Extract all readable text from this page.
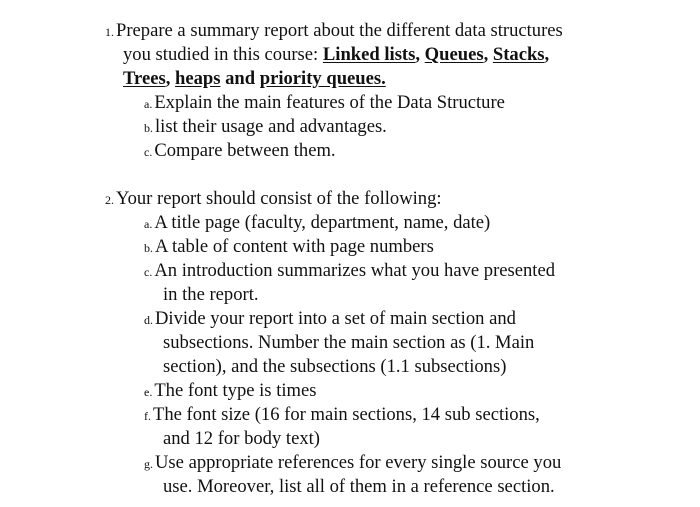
1. Prepare a summary report about the different data structures
you studied in this course: Linked lists, Queues, Stacks,
Trees, heaps and priority queues.
a. Explain the main features of the Data Structure
b. list their usage and advantages.
c. Compare between them.
2. Your report should consist of the following:
a. A title page (faculty, department, name, date)
b. A table of content with page numbers
c. An introduction summarizes what you have presented
in the report.
d. Divide your report into a set of main section and
subsections. Number the main section as (1. Main
section), and the subsections (1.1 subsections)
e. The font type is times
f. The font size (16 for main sections, 14 sub sections,
and 12 for body text)
g. Use appropriate references for every single source you
use. Moreover, list all of them in a reference section.
